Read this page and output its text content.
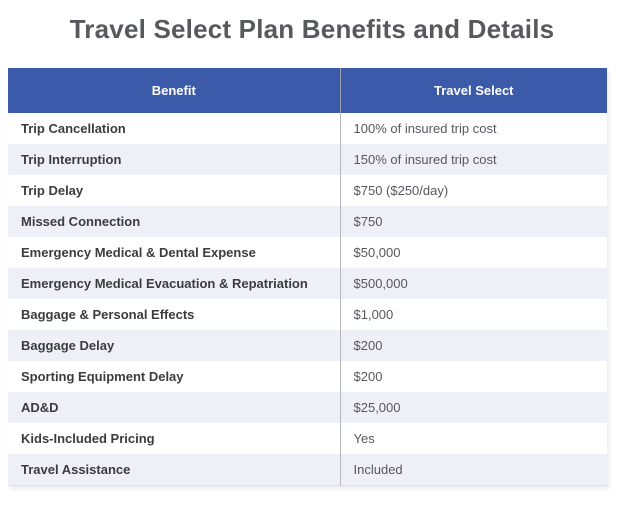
Travel Select Plan Benefits and Details
Benefit	Travel Select
Trip Cancellation	100% of insured trip cost
Trip Interruption	150% of insured trip cost
Trip Delay	$750 ($250/day)
Missed Connection	$750
Emergency Medical & Dental Expense	$50,000
Emergency Medical Evacuation & Repatriation	$500,000
Baggage & Personal Effects	$1,000
Baggage Delay	$200
Sporting Equipment Delay	$200
AD&D	$25,000
Kids-Included Pricing	Yes
Travel Assistance	Included
